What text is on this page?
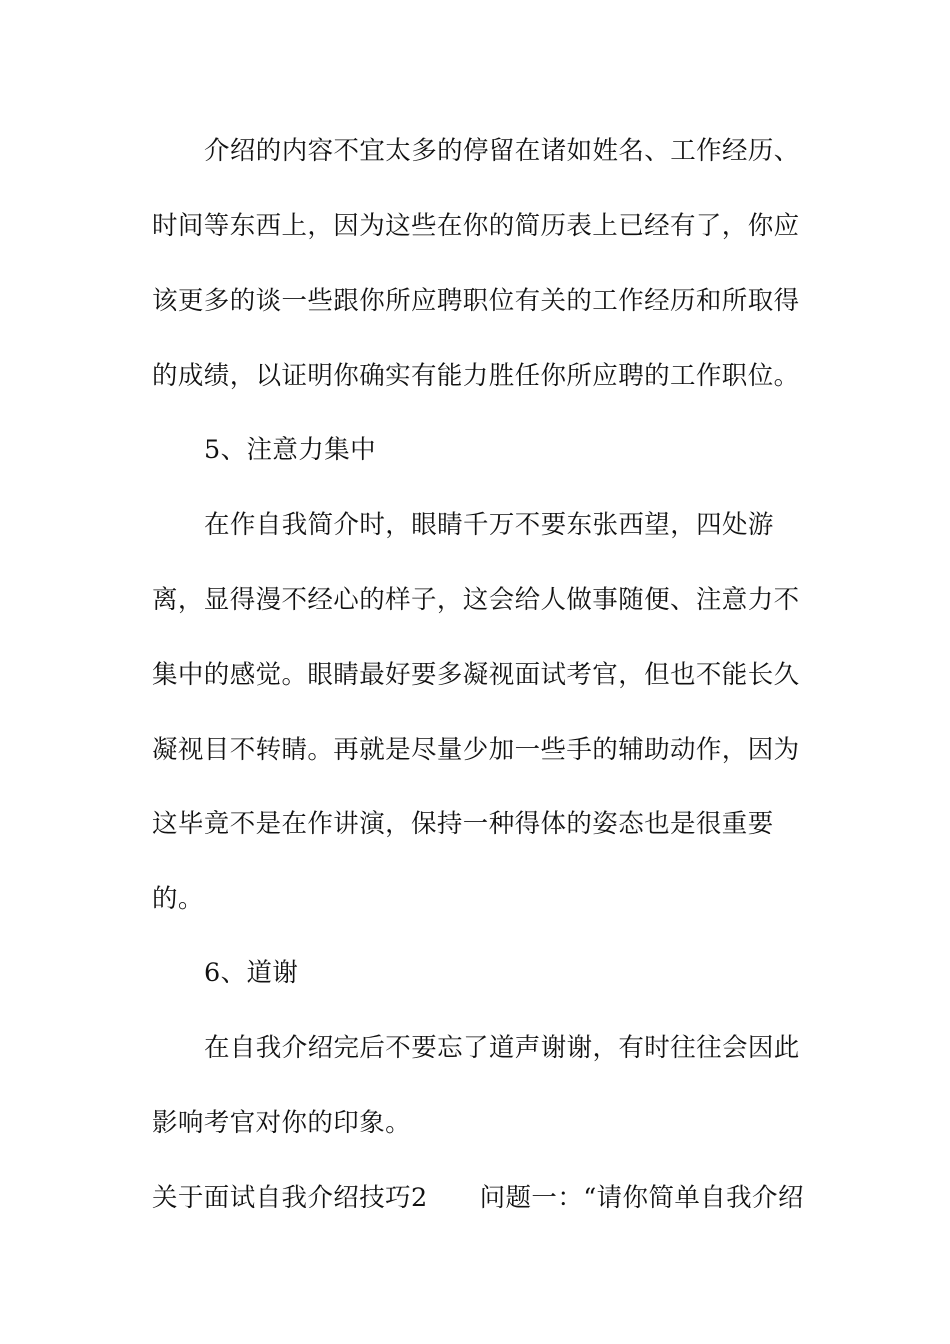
介绍的内容不宜太多的停留在诸如姓名、工作经历、
时间等东西上，因为这些在你的简历表上已经有了，你应
该更多的谈一些跟你所应聘职位有关的工作经历和所取得
的成绩，以证明你确实有能力胜任你所应聘的工作职位。
5、注意力集中
在作自我简介时，眼睛千万不要东张西望，四处游
离，显得漫不经心的样子，这会给人做事随便、注意力不
集中的感觉。眼睛最好要多凝视面试考官，但也不能长久
凝视目不转睛。再就是尽量少加一些手的辅助动作，因为
这毕竟不是在作讲演，保持一种得体的姿态也是很重要
的。
6、道谢
在自我介绍完后不要忘了道声谢谢，有时往往会因此
影响考官对你的印象。
关于面试自我介绍技巧2 问题一：“请你简单自我介绍
